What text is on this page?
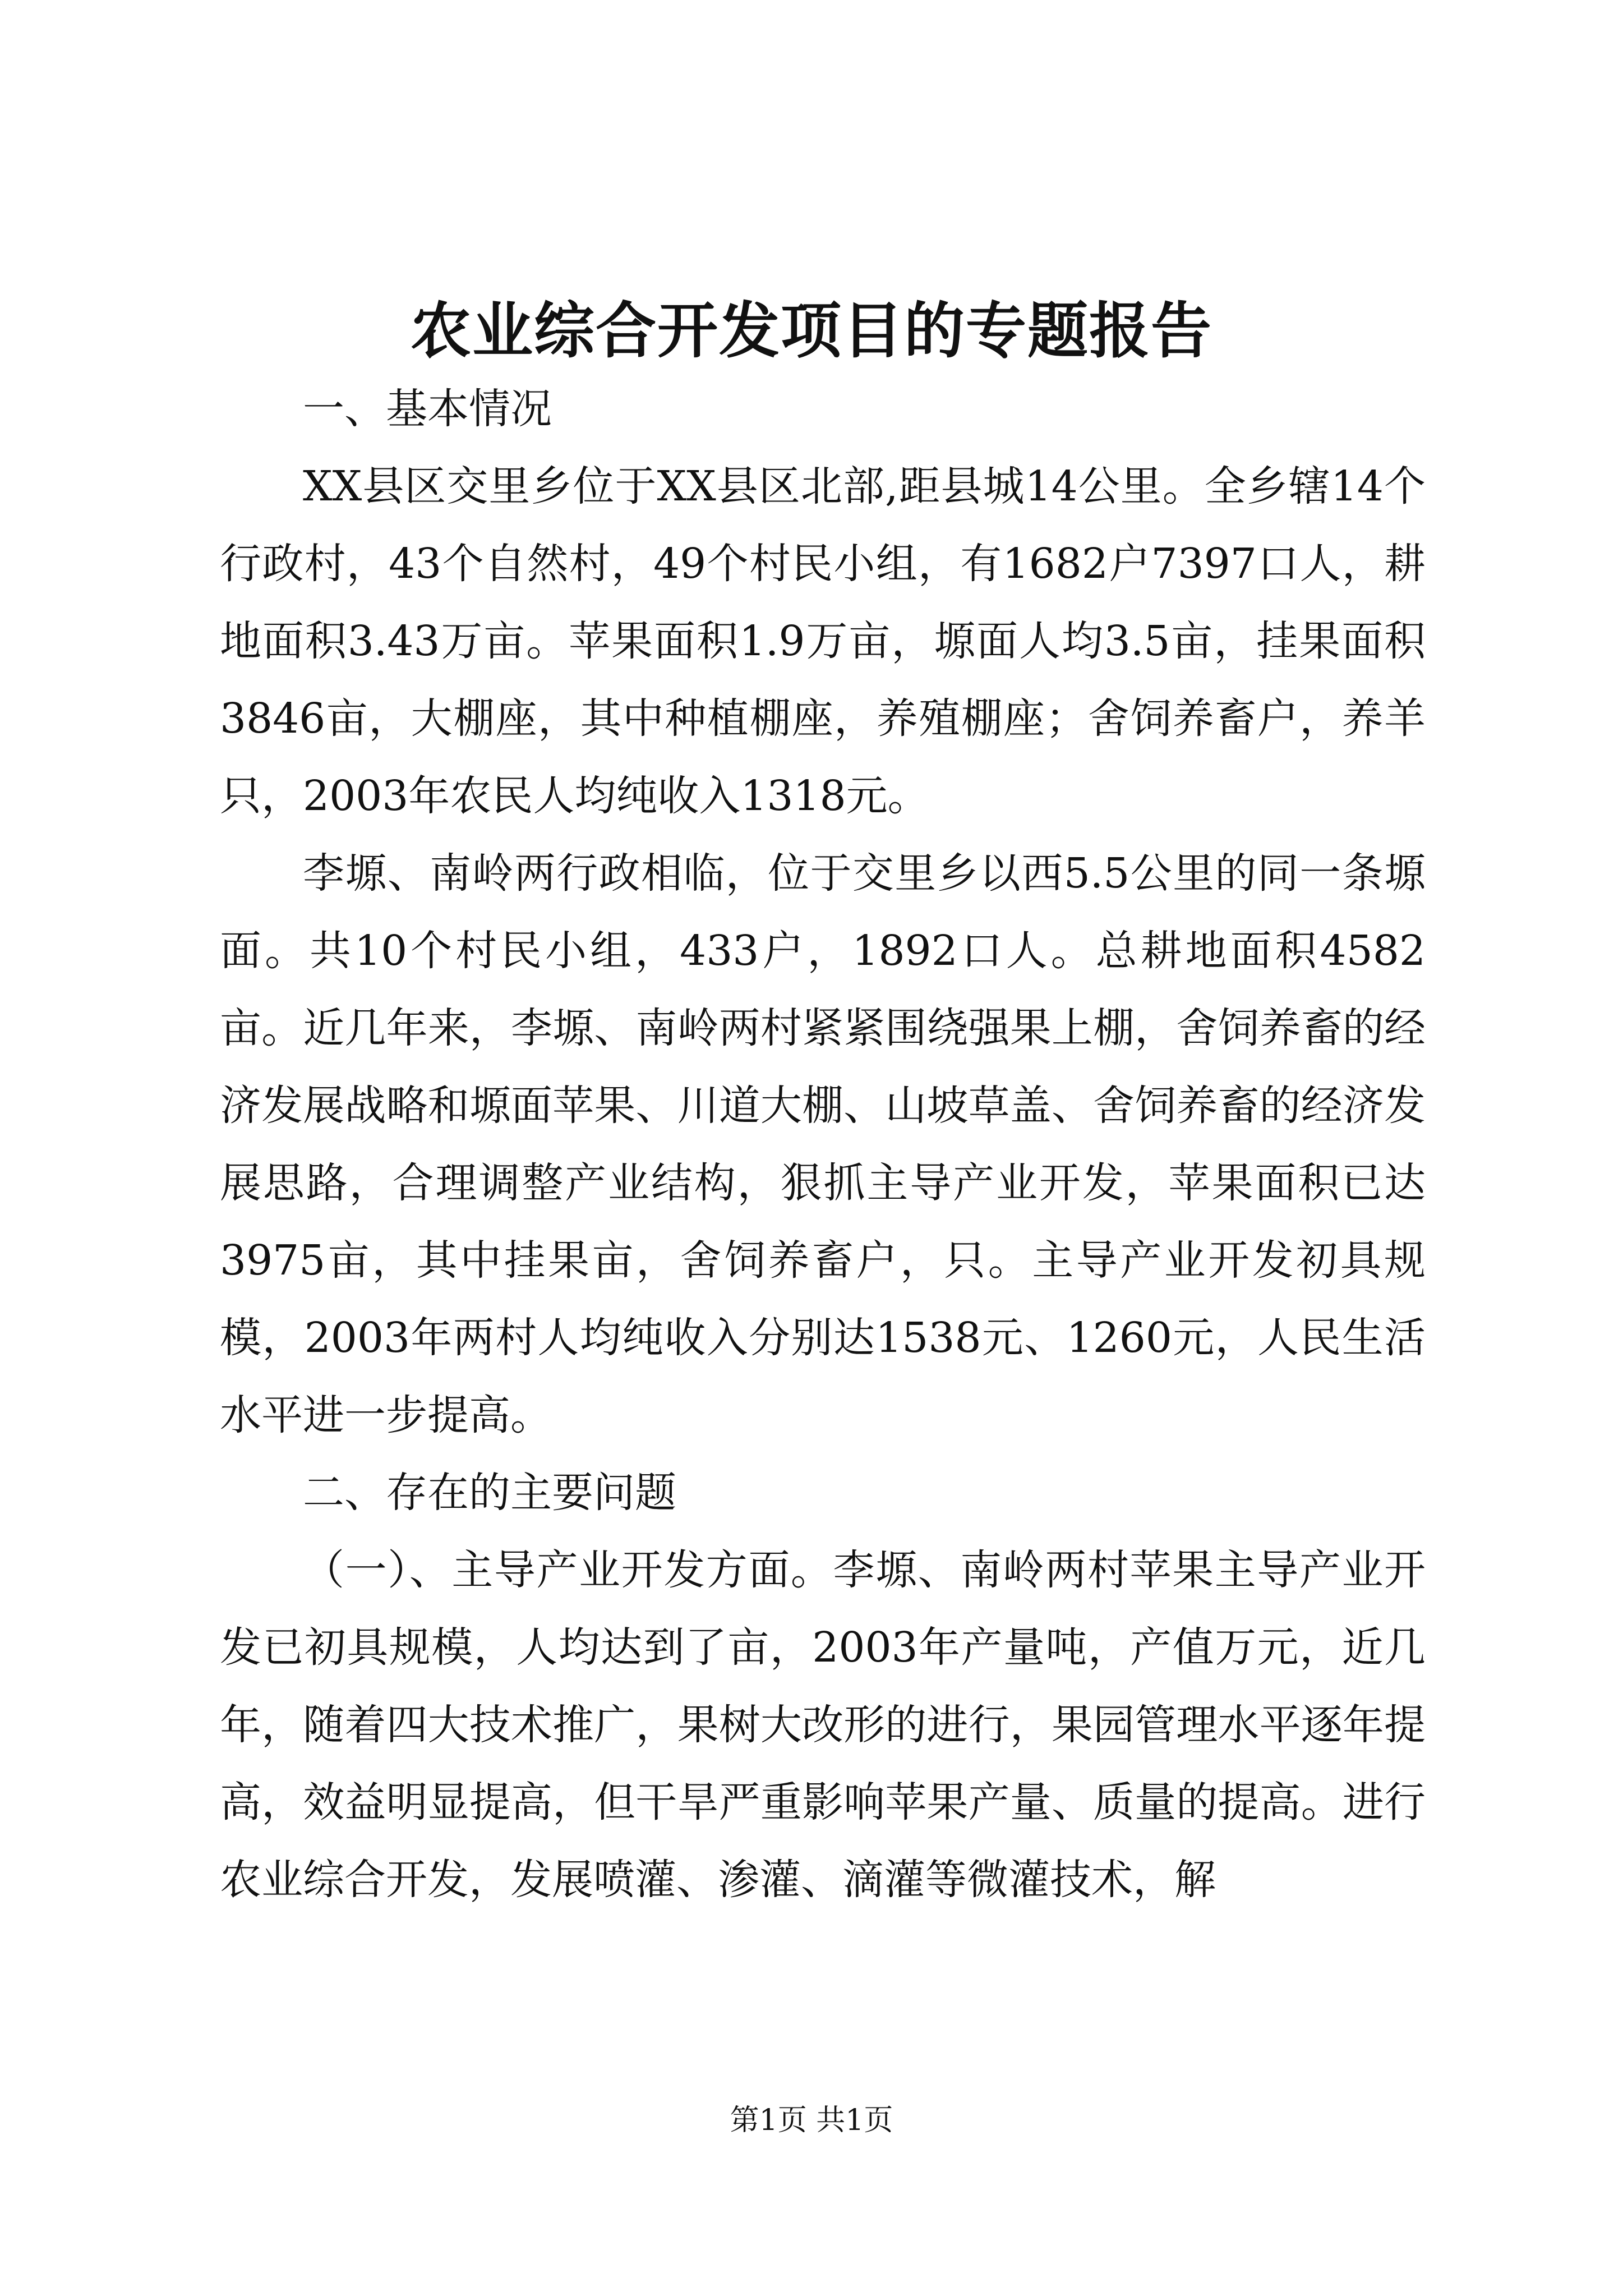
农业综合开发项目的专题报告

一、基本情况

XX县区交里乡位于XX县区北部,距县城14公里。全乡辖14个行政村，43个自然村，49个村民小组，有1682户7397口人，耕地面积3.43万亩。苹果面积1.9万亩，塬面人均3.5亩，挂果面积3846亩，大棚座，其中种植棚座，养殖棚座；舍饲养畜户，养羊只，2003年农民人均纯收入1318元。

李塬、南岭两行政相临，位于交里乡以西5.5公里的同一条塬面。共10个村民小组，433户，1892口人。总耕地面积4582亩。近几年来，李塬、南岭两村紧紧围绕强果上棚，舍饲养畜的经济发展战略和塬面苹果、川道大棚、山坡草盖、舍饲养畜的经济发展思路，合理调整产业结构，狠抓主导产业开发，苹果面积已达3975亩，其中挂果亩，舍饲养畜户，只。主导产业开发初具规模，2003年两村人均纯收入分别达1538元、1260元，人民生活水平进一步提高。

二、存在的主要问题

（一）、主导产业开发方面。李塬、南岭两村苹果主导产业开发已初具规模，人均达到了亩，2003年产量吨，产值万元，近几年，随着四大技术推广，果树大改形的进行，果园管理水平逐年提高，效益明显提高，但干旱严重影响苹果产量、质量的提高。进行农业综合开发，发展喷灌、渗灌、滴灌等微灌技术，解

第1页 共1页
